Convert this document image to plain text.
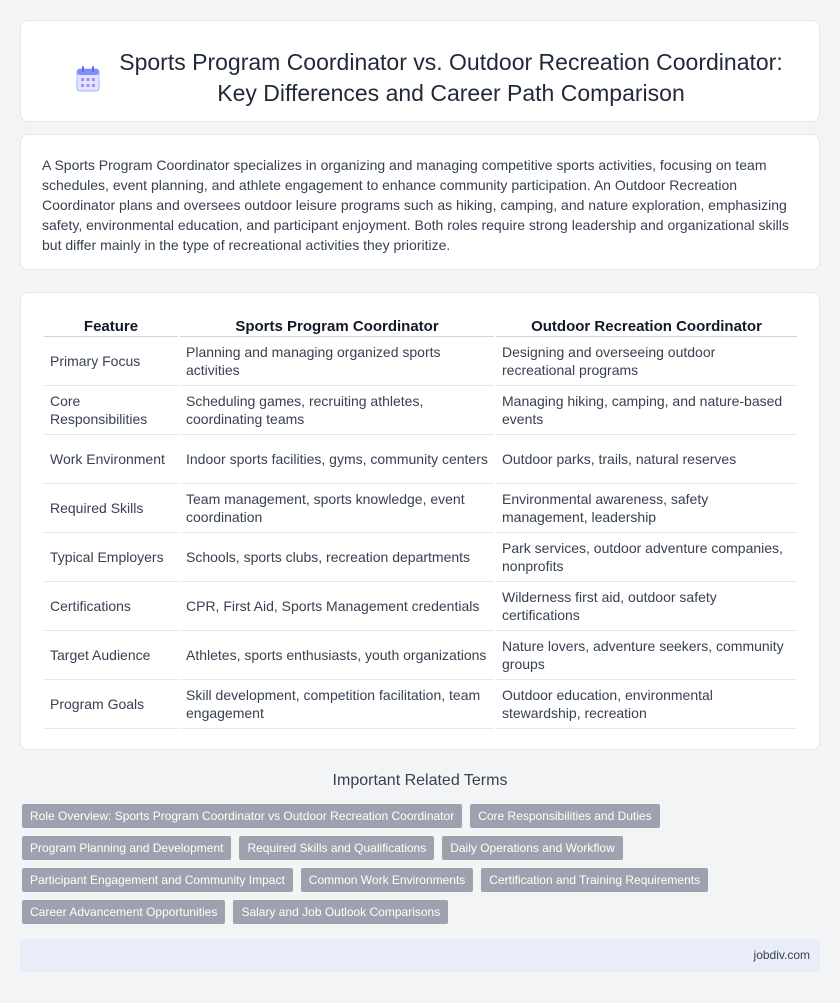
Sports Program Coordinator vs. Outdoor Recreation Coordinator:
Key Differences and Career Path Comparison

A Sports Program Coordinator specializes in organizing and managing competitive sports activities, focusing on team schedules, event planning, and athlete engagement to enhance community participation. An Outdoor Recreation Coordinator plans and oversees outdoor leisure programs such as hiking, camping, and nature exploration, emphasizing safety, environmental education, and participant enjoyment. Both roles require strong leadership and organizational skills but differ mainly in the type of recreational activities they prioritize.

Feature	Sports Program Coordinator	Outdoor Recreation Coordinator
Primary Focus	Planning and managing organized sports activities	Designing and overseeing outdoor recreational programs
Core Responsibilities	Scheduling games, recruiting athletes, coordinating teams	Managing hiking, camping, and nature-based events
Work Environment	Indoor sports facilities, gyms, community centers	Outdoor parks, trails, natural reserves
Required Skills	Team management, sports knowledge, event coordination	Environmental awareness, safety management, leadership
Typical Employers	Schools, sports clubs, recreation departments	Park services, outdoor adventure companies, nonprofits
Certifications	CPR, First Aid, Sports Management credentials	Wilderness first aid, outdoor safety certifications
Target Audience	Athletes, sports enthusiasts, youth organizations	Nature lovers, adventure seekers, community groups
Program Goals	Skill development, competition facilitation, team engagement	Outdoor education, environmental stewardship, recreation
Important Related Terms
Role Overview: Sports Program Coordinator vs Outdoor Recreation Coordinator	Core Responsibilities and Duties
Program Planning and Development	Required Skills and Qualifications	Daily Operations and Workflow
Participant Engagement and Community Impact	Common Work Environments	Certification and Training Requirements
Career Advancement Opportunities	Salary and Job Outlook Comparisons
jobdiv.com
